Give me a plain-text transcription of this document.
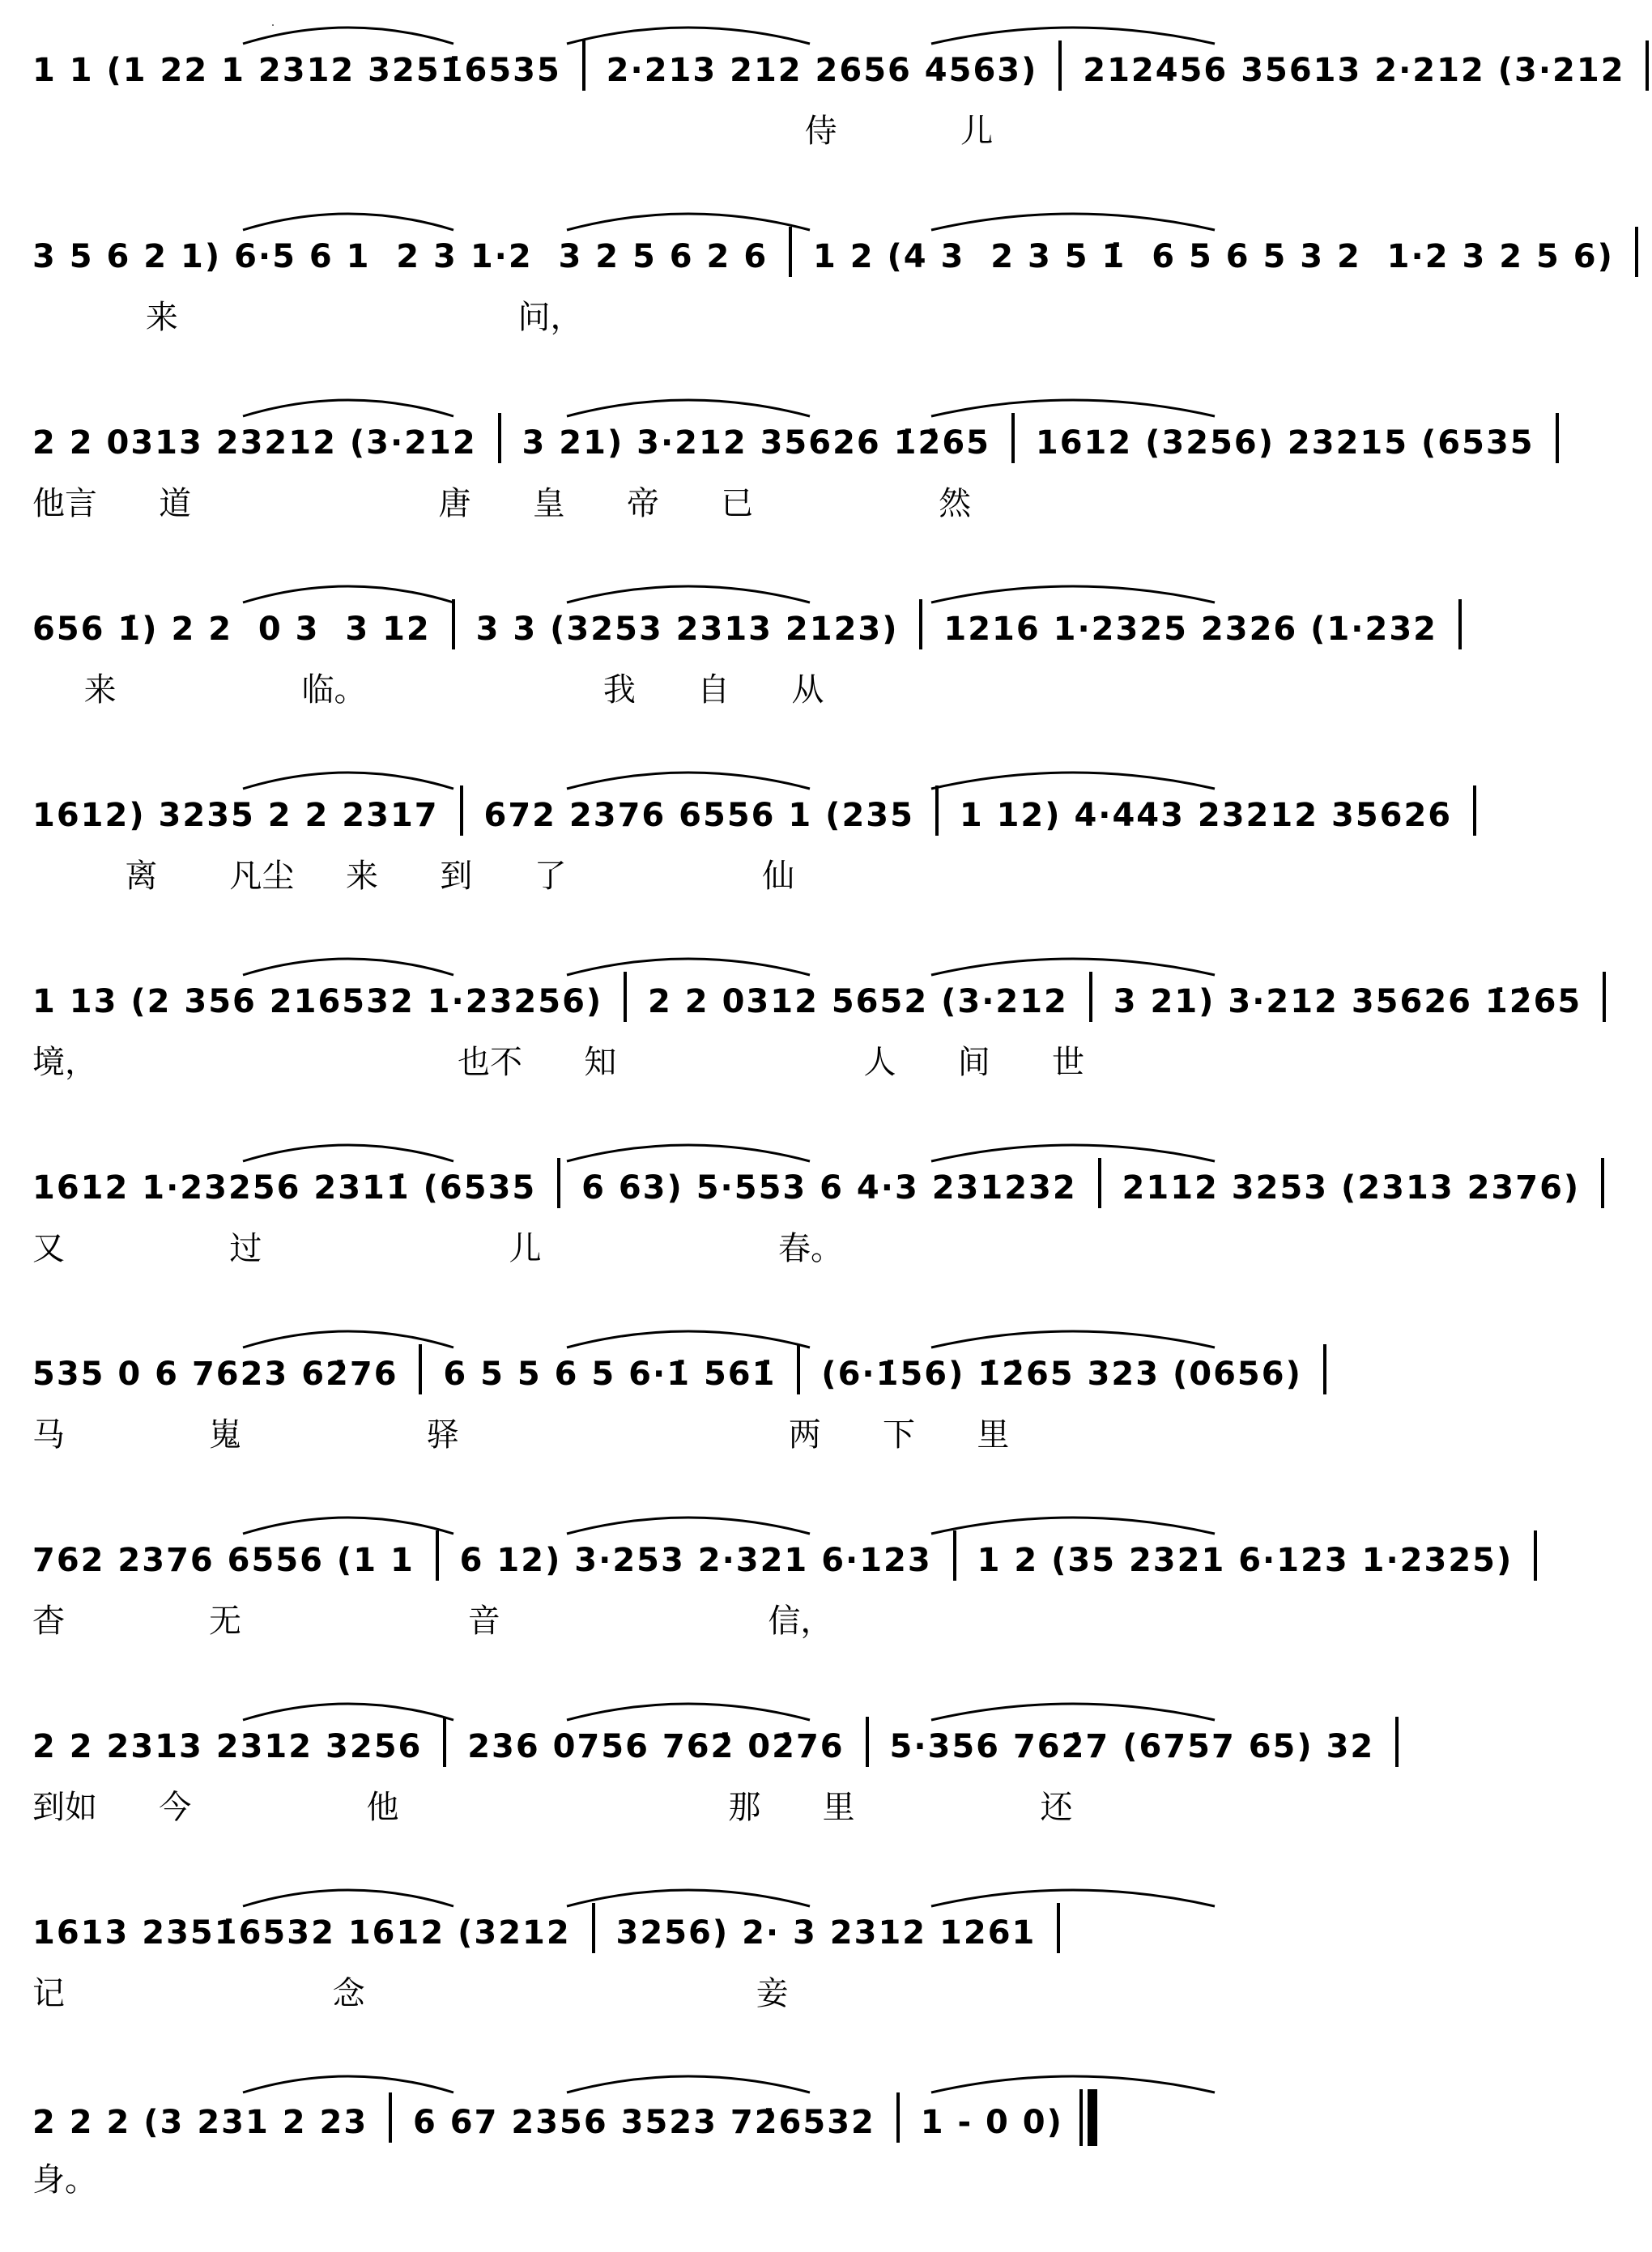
1 1 (1 22 1 2312 3251̇6535  2·213 212 2656 4563)  212456 35613 2·212 (3·212
侍            儿
3 5 6 2 1) 6·5 6 1  2 3 1·2  3 2 5 6 2 6  1 2 (4 3  2 3 5 1̇  6 5 6 5 3 2  1·2 3 2 5 6)
来                                 问，
2 2 0313 23212 (3·212  3 21) 3·212 35626 1̇2̇65  1612 (3256) 23215 (6535
他言      道                        唐      皇      帝      已                  然
656 1̇) 2 2  0 3  3 12  3 3 (3253 2313 2123)  1216 1·2325 2326 (1·232
来                  临。                       我      自      从
1612) 3235 2 2 2317  672 2376 6556 1 (235  1 12) 4·443 23212 35626
离       凡尘     来      到      了                   仙
1 13 (2 356 216532 1·23256)  2 2 0312 5652 (3·212  3 21) 3·212 35626 1̇2̇65
境，                                   也不      知                        人      间      世
1612 1·23256 2311̇ (6535  6 63) 5·553 6 4·3 231232  2112 3253 (2313 2376)
又                过                        儿                       春。
535 0 6 7623 62̇76  6 5 5 6 5 6·1̇ 561̇  (6·1̇56) 1̇2̇65 323 (0656)
马              嵬                  驿                                两      下      里
762 2376 6556 (1 1  6 12) 3·253 2·321 6·123  1 2 (35 2321 6·123 1·2325)
杳              无                      音                          信，
2 2 2313 2312 3256  236 0756 762̇ 02̇76  5·356 762̇7 (6757 65) 32
到如      今                 他                                那      里                  还
1613 2351̇6532 1612 (3212  3256) 2· 3 2312 1261
记                          念                                      妾
2 2 2 (3 231 2 23  6 67 2356 3523 72̇6532  1 - 0 0)
身。
